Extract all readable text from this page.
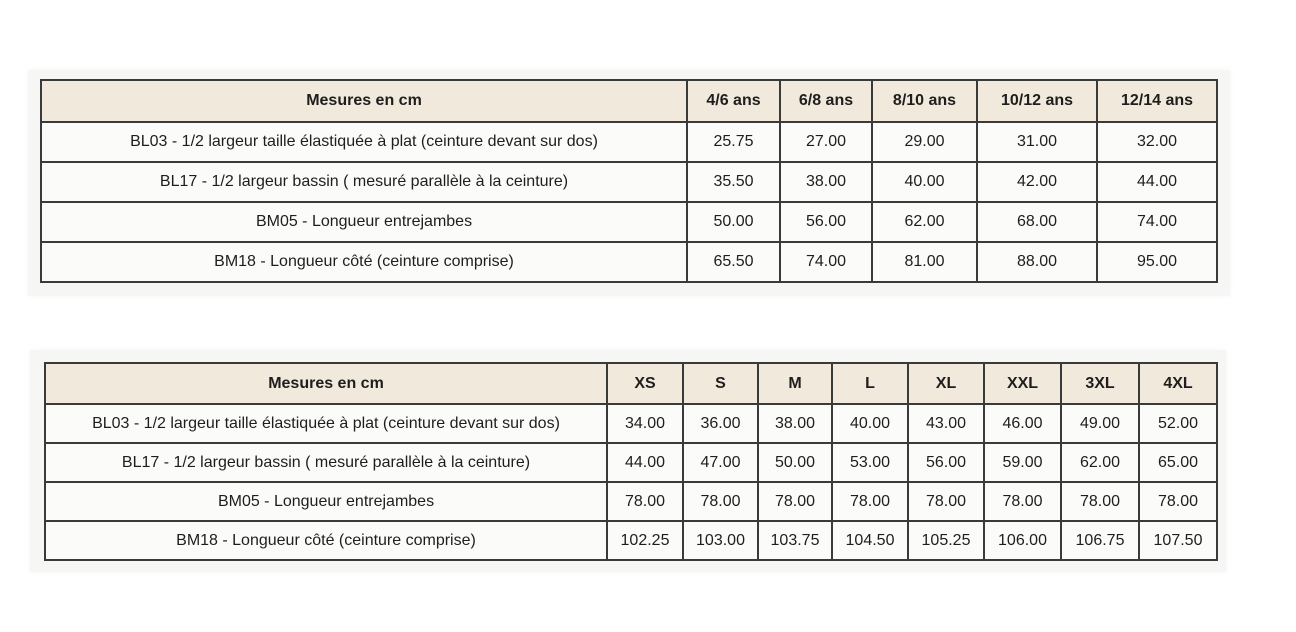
Mesures en cm	4/6 ans	6/8 ans	8/10 ans	10/12 ans	12/14 ans
BL03 - 1/2 largeur taille élastiquée à plat (ceinture devant sur dos)	25.75	27.00	29.00	31.00	32.00
BL17 - 1/2 largeur bassin ( mesuré parallèle à la ceinture)	35.50	38.00	40.00	42.00	44.00
BM05 - Longueur entrejambes	50.00	56.00	62.00	68.00	74.00
BM18 - Longueur côté (ceinture comprise)	65.50	74.00	81.00	88.00	95.00
Mesures en cm	XS	S	M	L	XL	XXL	3XL	4XL
BL03 - 1/2 largeur taille élastiquée à plat (ceinture devant sur dos)	34.00	36.00	38.00	40.00	43.00	46.00	49.00	52.00
BL17 - 1/2 largeur bassin ( mesuré parallèle à la ceinture)	44.00	47.00	50.00	53.00	56.00	59.00	62.00	65.00
BM05 - Longueur entrejambes	78.00	78.00	78.00	78.00	78.00	78.00	78.00	78.00
BM18 - Longueur côté (ceinture comprise)	102.25	103.00	103.75	104.50	105.25	106.00	106.75	107.50
